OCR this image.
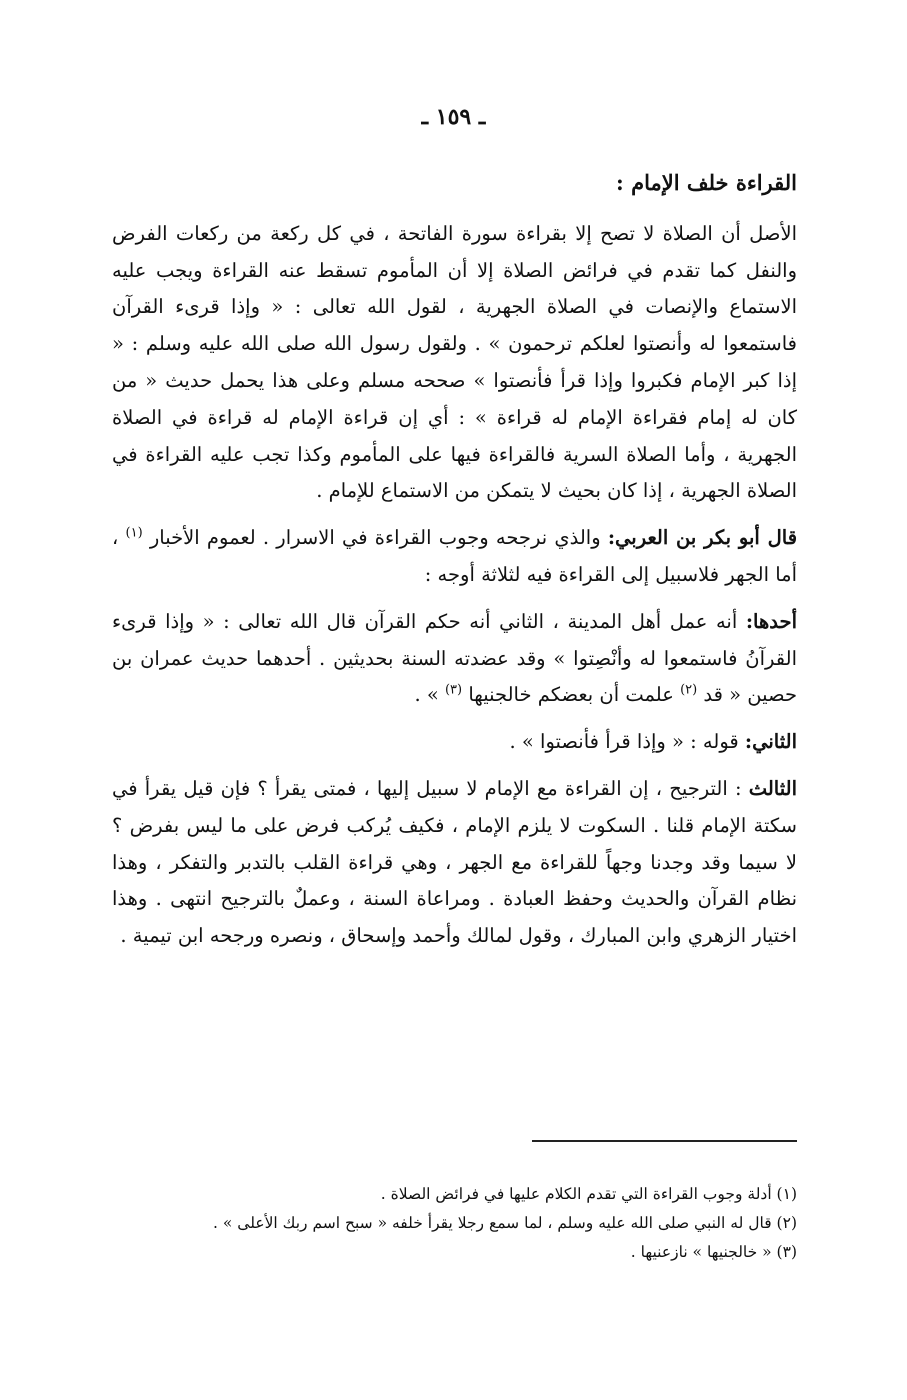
ـ ١٥٩ ـ
القراءة خلف الإمام :

الأصل أن الصلاة لا تصح إلا بقراءة سورة الفاتحة ، في كل ركعة من ركعات الفرض والنفل كما تقدم في فرائض الصلاة إلا أن المأموم تسقط عنه القراءة ويجب عليه الاستماع والإنصات في الصلاة الجهرية ، لقول الله تعالى : « وإذا قرىء القرآن فاستمعوا له وأنصتوا لعلكم ترحمون » . ولقول رسول الله صلى الله عليه وسلم : « إذا كبر الإمام فكبروا وإذا قرأ فأنصتوا » صححه مسلم وعلى هذا يحمل حديث « من كان له إمام فقراءة الإمام له قراءة » : أي إن قراءة الإمام له قراءة في الصلاة الجهرية ، وأما الصلاة السرية فالقراءة فيها على المأموم وكذا تجب عليه القراءة في الصلاة الجهرية ، إذا كان بحيث لا يتمكن من الاستماع للإمام .

قال أبو بكر بن العربي: والذي نرجحه وجوب القراءة في الاسرار . لعموم الأخبار $^{(١)}$ ، أما الجهر فلاسبيل إلى القراءة فيه لثلاثة أوجه :

أحدها: أنه عمل أهل المدينة ، الثاني أنه حكم القرآن قال الله تعالى : « وإذا قرىء القرآنُ فاستمعوا له وأنْصِتوا » وقد عضدته السنة بحديثين . أحدهما حديث عمران بن حصين « قد $^{(٢)}$ علمت أن بعضكم خالجنيها $^{(٣)}$ » .

الثاني: قوله : « وإذا قرأ فأنصتوا » .

الثالث : الترجيح ، إن القراءة مع الإمام لا سبيل إليها ، فمتى يقرأ ؟ فإن قيل يقرأ في سكتة الإمام قلنا . السكوت لا يلزم الإمام ، فكيف يُركب فرض على ما ليس بفرض ؟ لا سيما وقد وجدنا وجهاً للقراءة مع الجهر ، وهي قراءة القلب بالتدبر والتفكر ، وهذا نظام القرآن والحديث وحفظ العبادة . ومراعاة السنة ، وعملٌ بالترجيح انتهى . وهذا اختيار الزهري وابن المبارك ، وقول لمالك وأحمد وإسحاق ، ونصره ورجحه ابن تيمية .

(١) أدلة وجوب القراءة التي تقدم الكلام عليها في فرائض الصلاة .

(٢) قال له النبي صلى الله عليه وسلم ، لما سمع رجلا يقرأ خلفه « سبح اسم ربك الأعلى » .

(٣) « خالجنيها » نازعنيها .
